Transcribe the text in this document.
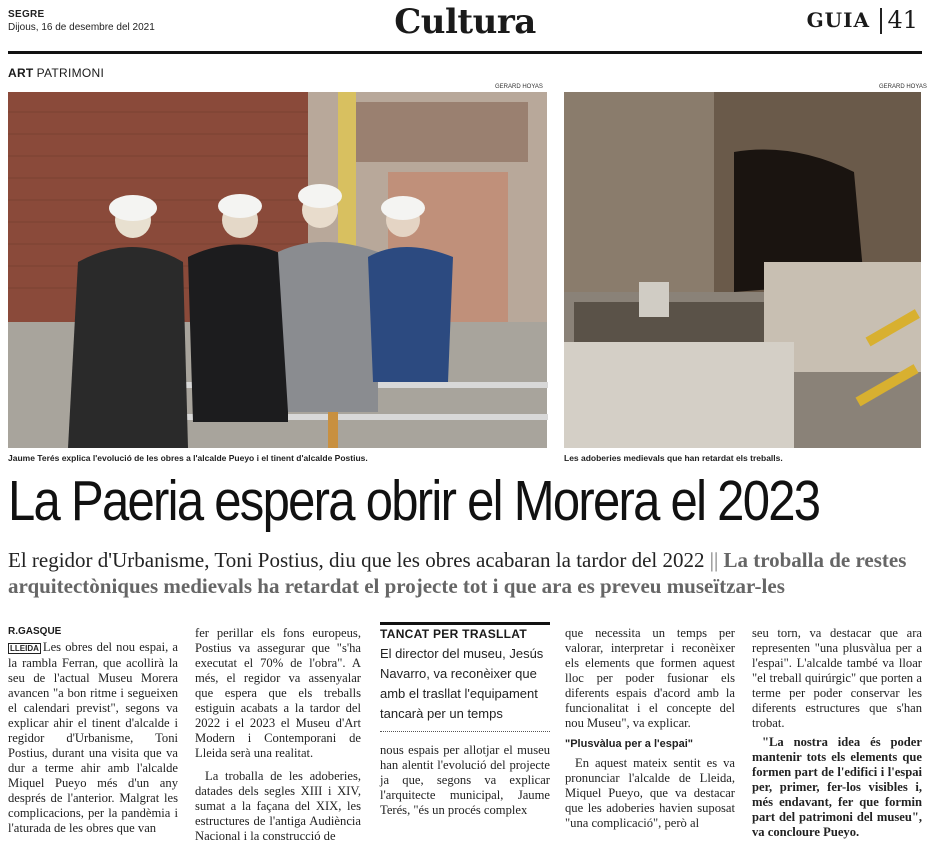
SEGRE
Dijous, 16 de desembre del 2021	Cultura	GUIA 41
ART PATRIMONI
GERARD HOYAS	GERARD HOYAS
Jaume Terés explica l'evolució de les obres a l'alcalde Pueyo i el tinent d'alcalde Postius.	Les adoberies medievals que han retardat els treballs.
La Paeria espera obrir el Morera el 2023
El regidor d'Urbanisme, Toni Postius, diu que les obres acabaran la tardor del 2022 || La troballa de restes arquitectòniques medievals ha retardat el projecte tot i que ara es preveu museïtzar-les
R.GASQUE
LLEIDA Les obres del nou espai, a la rambla Ferran, que acollirà la seu de l'actual Museu Morera avancen "a bon ritme i segueixen el calendari previst", segons va explicar ahir el tinent d'alcalde i regidor d'Urbanisme, Toni Postius, durant una visita que va dur a terme ahir amb l'alcalde Miquel Pueyo més d'un any després de l'anterior. Malgrat les complicacions, per la pandèmia i l'aturada de les obres que van
fer perillar els fons europeus, Postius va assegurar que "s'ha executat el 70% de l'obra". A més, el regidor va assenyalar que espera que els treballs estiguin acabats a la tardor del 2022 i el 2023 el Museu d'Art Modern i Contemporani de Lleida serà una realitat.
La troballa de les adoberies, datades dels segles XIII i XIV, sumat a la façana del XIX, les estructures de l'antiga Audiència Nacional i la construcció de
TANCAT PER TRASLLAT
El director del museu, Jesús Navarro, va reconèixer que amb el trasllat l'equipament tancarà per un temps
nous espais per allotjar el museu han alentit l'evolució del projecte ja que, segons va explicar l'arquitecte municipal, Jaume Terés, "és un procés complex
que necessita un temps per valorar, interpretar i reconèixer els elements que formen aquest lloc per poder fusionar els diferents espais d'acord amb la funcionalitat i el concepte del nou Museu", va explicar.
"Plusvàlua per a l'espai"
En aquest mateix sentit es va pronunciar l'alcalde de Lleida, Miquel Pueyo, que va destacar que les adoberies havien suposat "una complicació", però al
seu torn, va destacar que ara representen "una plusvàlua per a l'espai". L'alcalde també va lloar "el treball quirúrgic" que porten a terme per poder conservar les diferents estructures que s'han trobat.
"La nostra idea és poder mantenir tots els elements que formen part de l'edifici i l'espai per, primer, fer-los visibles i, més endavant, fer que formin part del patrimoni del museu", va concloure Pueyo.
